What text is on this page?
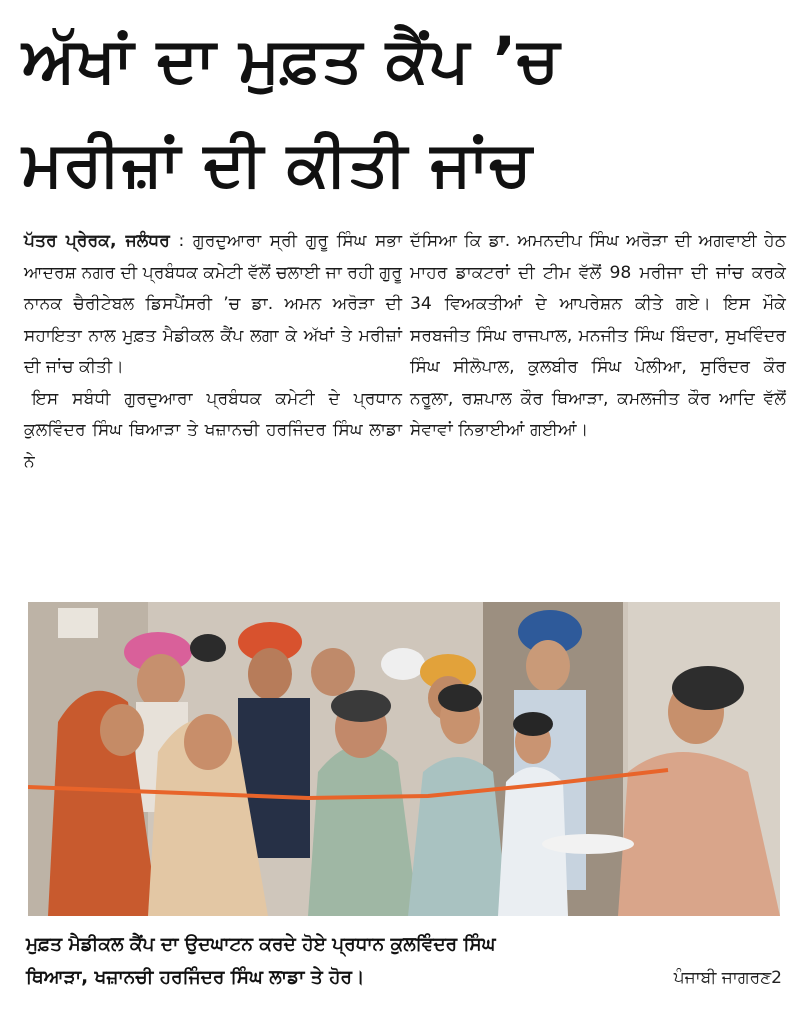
ਅੱਖਾਂ ਦਾ ਮੁਫ਼ਤ ਕੈਂਪ ’ਚ
ਮਰੀਜ਼ਾਂ ਦੀ ਕੀਤੀ ਜਾਂਚ

ਪੱਤਰ ਪ੍ਰੇਰਕ, ਜਲੰਧਰ : ਗੁਰਦੁਆਰਾ ਸ੍ਰੀ ਗੁਰੂ ਸਿੰਘ ਸਭਾ ਆਦਰਸ਼ ਨਗਰ ਦੀ ਪ੍ਰਬੰਧਕ ਕਮੇਟੀ ਵੱਲੋਂ ਚਲਾਈ ਜਾ ਰਹੀ ਗੁਰੂ ਨਾਨਕ ਚੈਰੀਟੇਬਲ ਡਿਸਪੈਂਸਰੀ ’ਚ ਡਾ. ਅਮਨ ਅਰੋੜਾ ਦੀ ਸਹਾਇਤਾ ਨਾਲ ਮੁਫ਼ਤ ਮੈਡੀਕਲ ਕੈਂਪ ਲਗਾ ਕੇ ਅੱਖਾਂ ਤੇ ਮਰੀਜ਼ਾਂ ਦੀ ਜਾਂਚ ਕੀਤੀ।

ਇਸ ਸਬੰਧੀ ਗੁਰਦੁਆਰਾ ਪ੍ਰਬੰਧਕ ਕਮੇਟੀ ਦੇ ਪ੍ਰਧਾਨ ਕੁਲਵਿੰਦਰ ਸਿੰਘ ਥਿਆੜਾ ਤੇ ਖਜ਼ਾਨਚੀ ਹਰਜਿੰਦਰ ਸਿੰਘ ਲਾਡਾ ਨੇ

ਦੱਸਿਆ ਕਿ ਡਾ. ਅਮਨਦੀਪ ਸਿੰਘ ਅਰੋੜਾ ਦੀ ਅਗਵਾਈ ਹੇਠ ਮਾਹਰ ਡਾਕਟਰਾਂ ਦੀ ਟੀਮ ਵੱਲੋਂ 98 ਮਰੀਜਾ ਦੀ ਜਾਂਚ ਕਰਕੇ 34 ਵਿਅਕਤੀਆਂ ਦੇ ਆਪਰੇਸ਼ਨ ਕੀਤੇ ਗਏ। ਇਸ ਮੌਕੇ ਸਰਬਜੀਤ ਸਿੰਘ ਰਾਜਪਾਲ, ਮਨਜੀਤ ਸਿੰਘ ਬਿੰਦਰਾ, ਸੁਖਵਿੰਦਰ ਸਿੰਘ ਸੀਲੋਪਾਲ, ਕੁਲਬੀਰ ਸਿੰਘ ਪੇਲੀਆ, ਸੁਰਿੰਦਰ ਕੌਰ ਨਰੂਲਾ, ਰਸ਼ਪਾਲ ਕੌਰ ਥਿਆੜਾ, ਕਮਲਜੀਤ ਕੌਰ ਆਦਿ ਵੱਲੋਂ ਸੇਵਾਵਾਂ ਨਿਭਾਈਆਂ ਗਈਆਂ।

ਮੁਫ਼ਤ ਮੈਡੀਕਲ ਕੈਂਪ ਦਾ ਉਦਘਾਟਨ ਕਰਦੇ ਹੋਏ ਪ੍ਰਧਾਨ ਕੁਲਵਿੰਦਰ ਸਿੰਘ
ਥਿਆੜਾ, ਖਜ਼ਾਨਚੀ ਹਰਜਿੰਦਰ ਸਿੰਘ ਲਾਡਾ ਤੇ ਹੋਰ।	ਪੰਜਾਬੀ ਜਾਗਰਣ2
